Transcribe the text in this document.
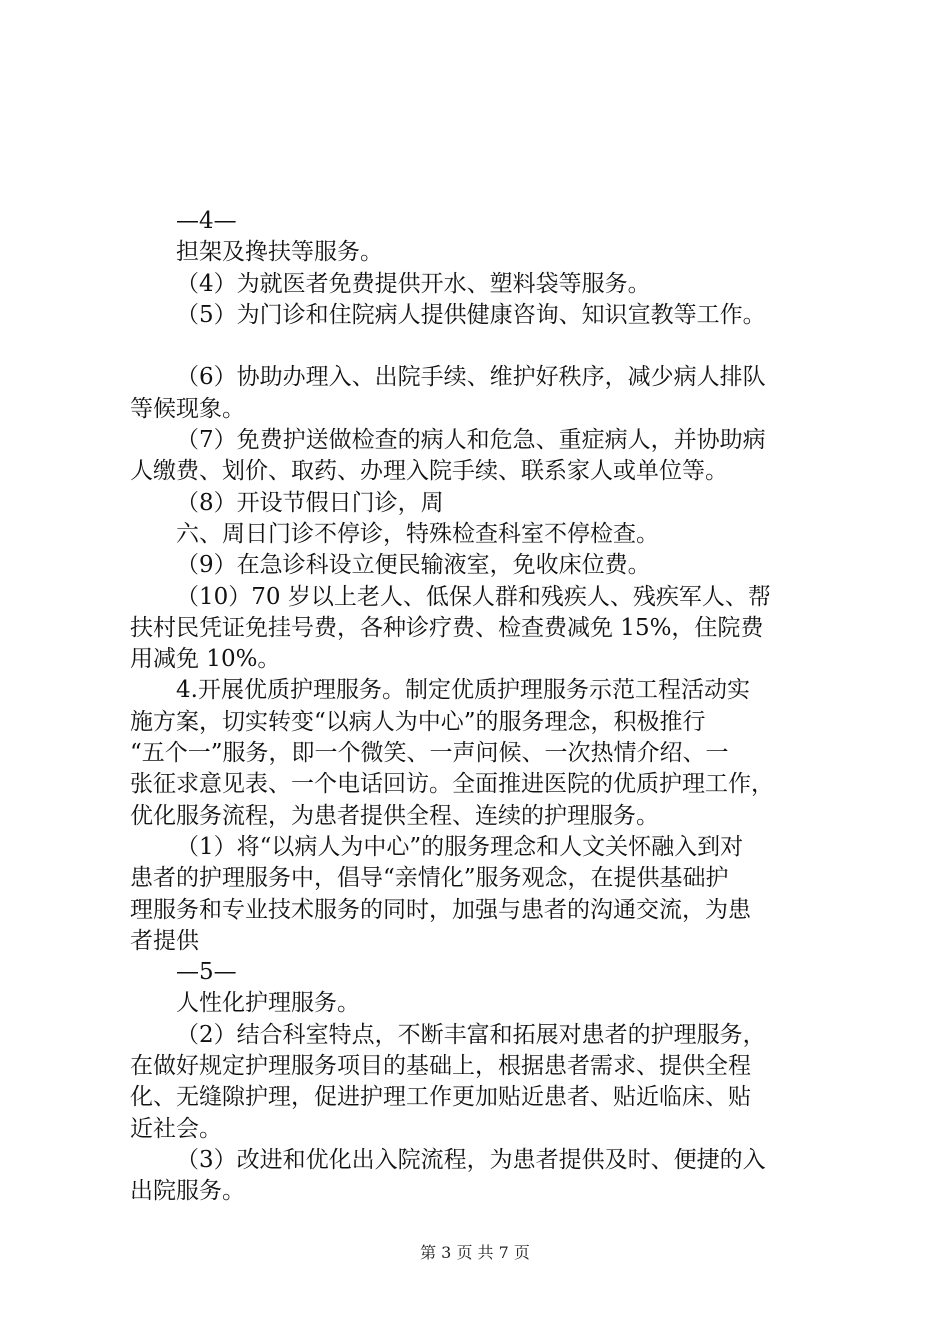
—4—
担架及搀扶等服务。
（4）为就医者免费提供开水、塑料袋等服务。
（5）为门诊和住院病人提供健康咨询、知识宣教等工作。
（6）协助办理入、出院手续、维护好秩序，减少病人排队
等候现象。
（7）免费护送做检查的病人和危急、重症病人，并协助病
人缴费、划价、取药、办理入院手续、联系家人或单位等。
（8）开设节假日门诊，周
六、周日门诊不停诊，特殊检查科室不停检查。
（9）在急诊科设立便民输液室，免收床位费。
（10）70 岁以上老人、低保人群和残疾人、残疾军人、帮
扶村民凭证免挂号费，各种诊疗费、检查费减免 15%，住院费
用减免 10%。
4.开展优质护理服务。制定优质护理服务示范工程活动实
施方案，切实转变“以病人为中心”的服务理念，积极推行
“五个一”服务，即一个微笑、一声问候、一次热情介绍、一
张征求意见表、一个电话回访。全面推进医院的优质护理工作，
优化服务流程，为患者提供全程、连续的护理服务。
（1）将“以病人为中心”的服务理念和人文关怀融入到对
患者的护理服务中，倡导“亲情化”服务观念，在提供基础护
理服务和专业技术服务的同时，加强与患者的沟通交流，为患
者提供
—5—
人性化护理服务。
（2）结合科室特点，不断丰富和拓展对患者的护理服务，
在做好规定护理服务项目的基础上，根据患者需求、提供全程
化、无缝隙护理，促进护理工作更加贴近患者、贴近临床、贴
近社会。
（3）改进和优化出入院流程，为患者提供及时、便捷的入
出院服务。
第 3 页 共 7 页
